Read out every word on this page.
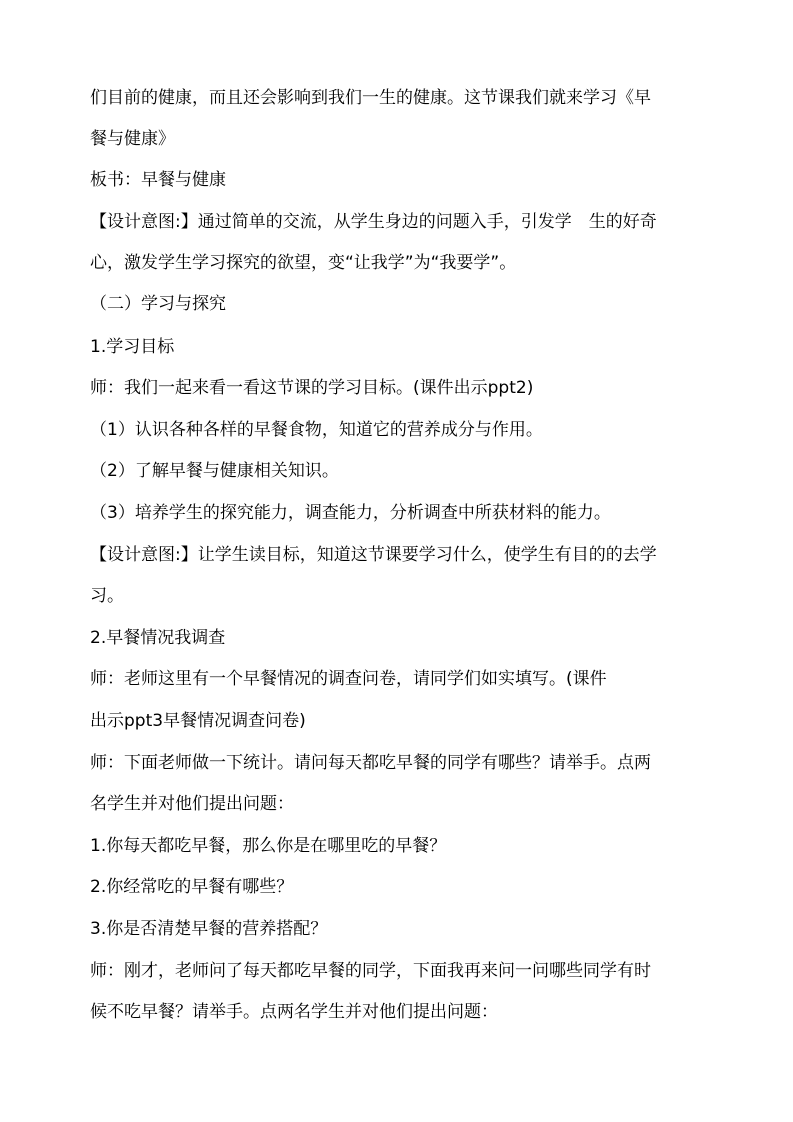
们目前的健康，而且还会影响到我们一生的健康。这节课我们就来学习《早
餐与健康》
板书：早餐与健康
【设计意图:】通过简单的交流，从学生身边的问题入手，引发学　生的好奇
心，激发学生学习探究的欲望，变“让我学”为“我要学”。
（二）学习与探究
1.学习目标
师：我们一起来看一看这节课的学习目标。(课件出示ppt2)
（1）认识各种各样的早餐食物，知道它的营养成分与作用。
（2）了解早餐与健康相关知识。
（3）培养学生的探究能力，调查能力，分析调查中所获材料的能力。
【设计意图:】让学生读目标，知道这节课要学习什么，使学生有目的的去学
习。
2.早餐情况我调查
师：老师这里有一个早餐情况的调查问卷，请同学们如实填写。(课件
出示ppt3早餐情况调查问卷)
师：下面老师做一下统计。请问每天都吃早餐的同学有哪些？请举手。点两
名学生并对他们提出问题：
1.你每天都吃早餐，那么你是在哪里吃的早餐？
2.你经常吃的早餐有哪些？
3.你是否清楚早餐的营养搭配？
师：刚才，老师问了每天都吃早餐的同学，下面我再来问一问哪些同学有时
候不吃早餐？请举手。点两名学生并对他们提出问题：
